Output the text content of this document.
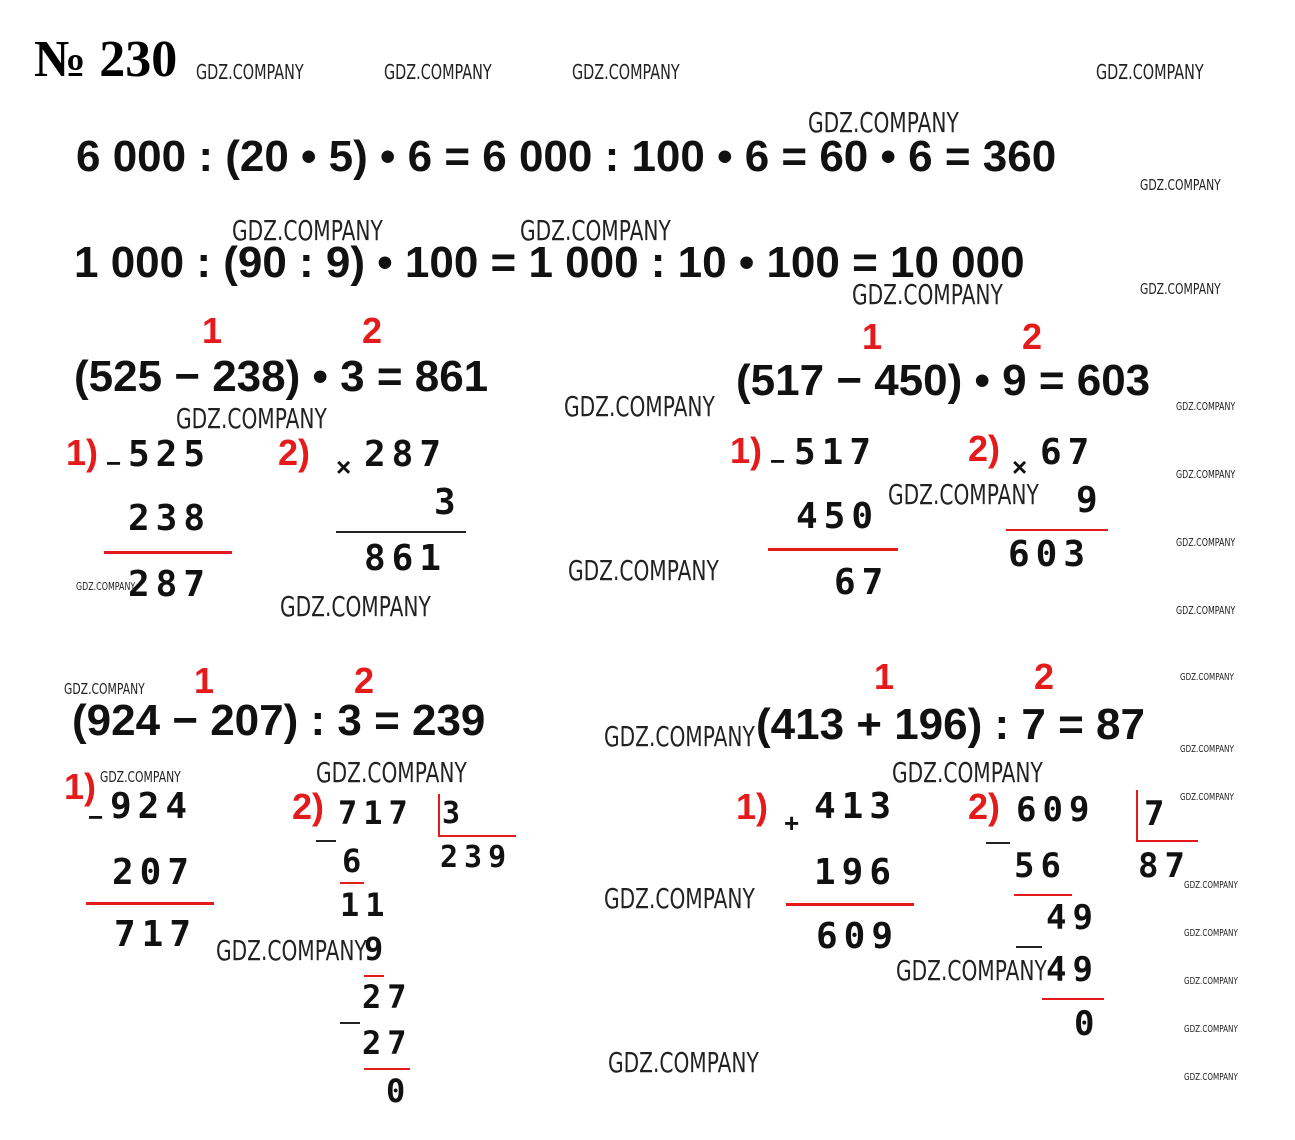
№ 230
6 000 : (20 • 5) • 6 = 6 000 : 100 • 6 = 60 • 6 = 360
1 000 : (90 : 9) • 100 = 1 000 : 10 • 100 = 10 000
1	2
(525 − 238) • 3 = 861
1) − 525
238
287
2) × 287
3
861
1	2
(517 − 450) • 9 = 603
1) − 517
450
67
2) × 67
9
603
1	2
(924 − 207) : 3 = 239
1)
− 924
207
717
2) 717 3
239
6
11
9
27
27
0
1	2
(413 + 196) : 7 = 87
1) + 413
196
609
2) 609 7
87
56
49
49
0
GDZ.COMPANY	GDZ.COMPANY	GDZ.COMPANY	GDZ.COMPANY
GDZ.COMPANY
GDZ.COMPANY
GDZ.COMPANY	GDZ.COMPANY
GDZ.COMPANY	GDZ.COMPANY
GDZ.COMPANY	GDZ.COMPANY	GDZ.COMPANY
GDZ.COMPANY
GDZ.COMPANY
GDZ.COMPANY
GDZ.COMPANY
GDZ.COMPANY
GDZ.COMPANY	GDZ.COMPANY
GDZ.COMPANY
GDZ.COMPANY
GDZ.COMPANY	GDZ.COMPANY
GDZ.COMPANY	GDZ.COMPANY	GDZ.COMPANY
GDZ.COMPANY
GDZ.COMPANY
GDZ.COMPANY
GDZ.COMPANY
GDZ.COMPANY
GDZ.COMPANY	GDZ.COMPANY
GDZ.COMPANY
GDZ.COMPANY	GDZ.COMPANY
